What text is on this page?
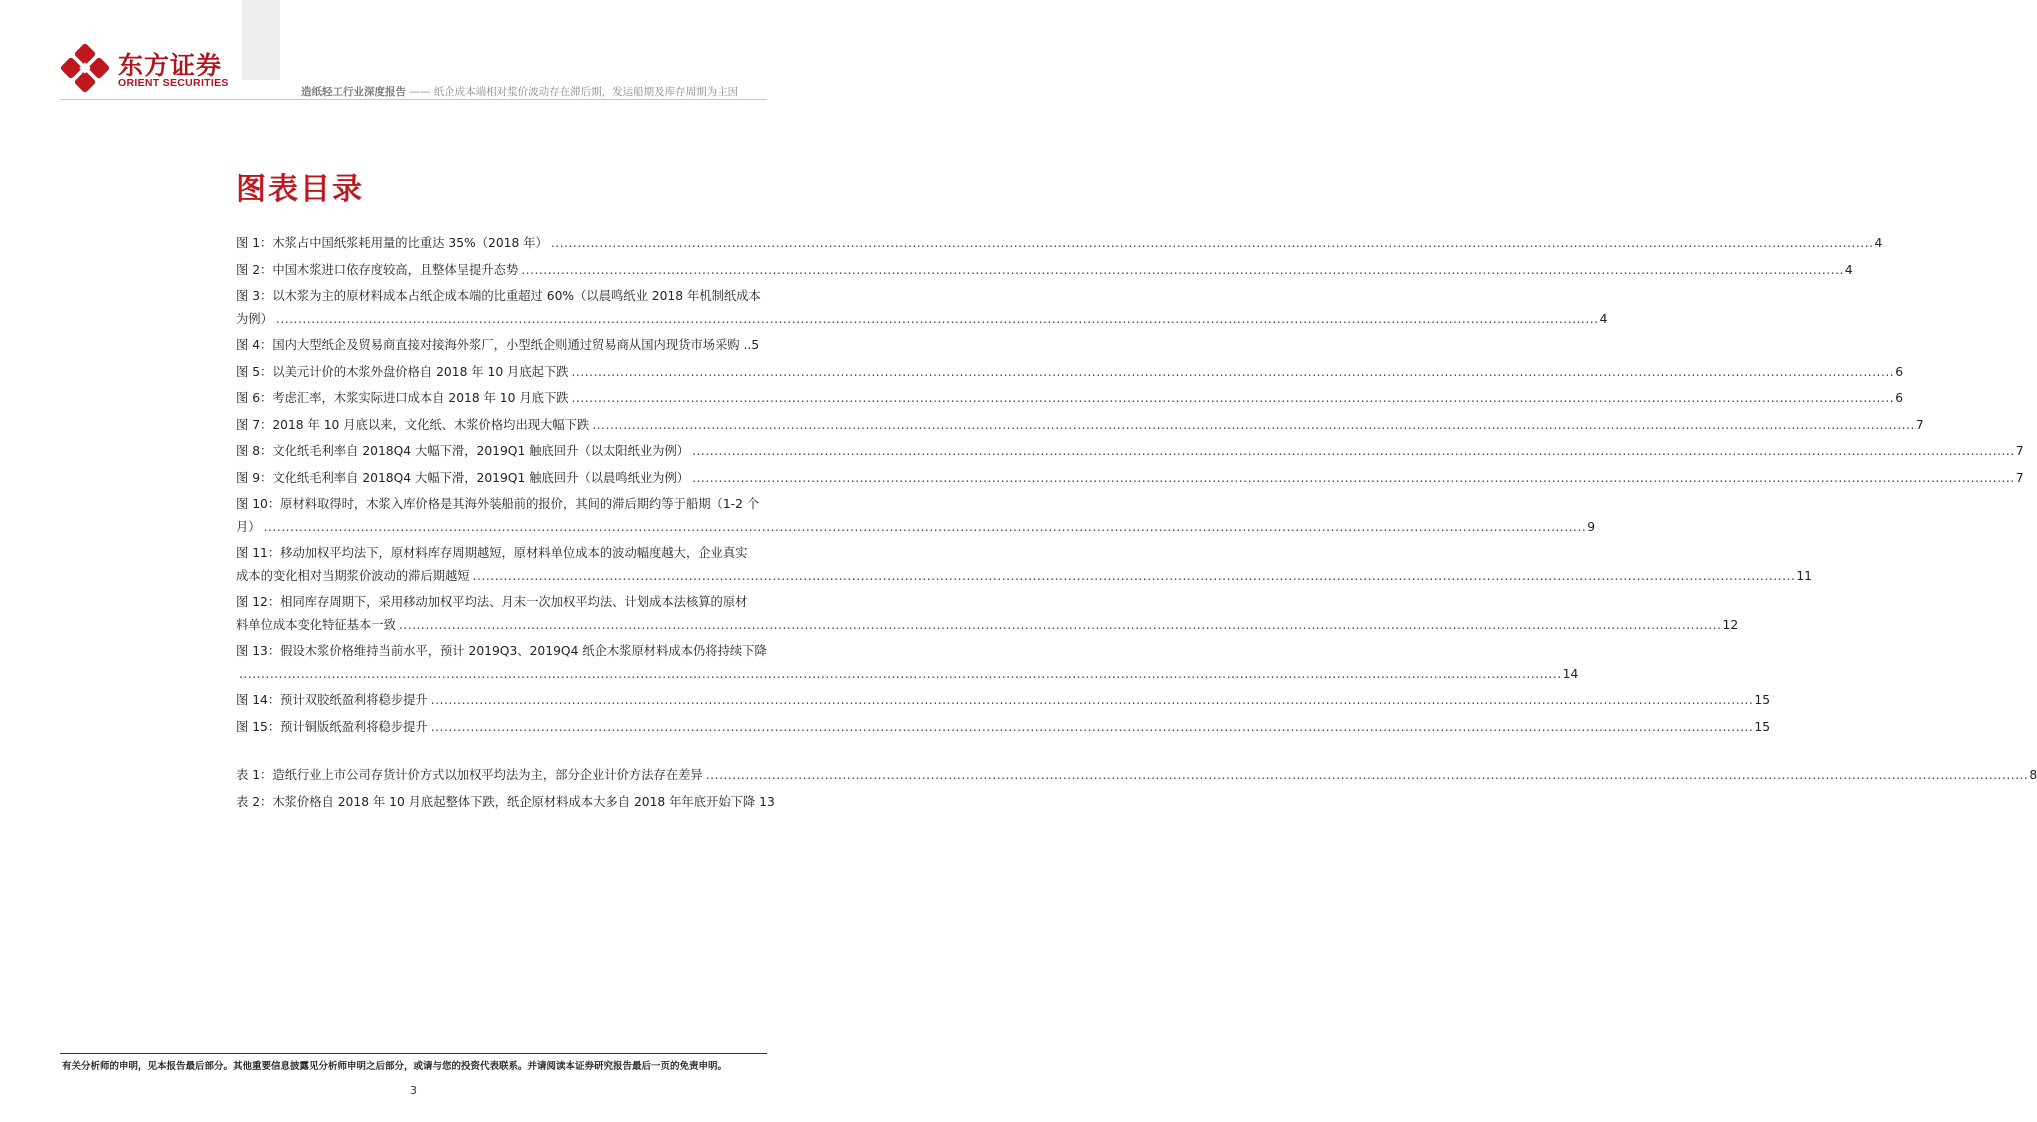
东方证券
ORIENT SECURITIES
造纸轻工行业深度报告 —— 纸企成本端相对浆价波动存在滞后期，发运船期及库存周期为主因
图表目录
图 1：木浆占中国纸浆耗用量的比重达 35%（2018 年） ............................................................................................................................................................................................................................................................................................................ 4
图 2：中国木浆进口依存度较高，且整体呈提升态势 ............................................................................................................................................................................................................................................................................................................ 4
图 3：以木浆为主的原材料成本占纸企成本端的比重超过 60%（以晨鸣纸业 2018 年机制纸成本
为例） ............................................................................................................................................................................................................................................................................................................ 4
图 4：国内大型纸企及贸易商直接对接海外浆厂，小型纸企则通过贸易商从国内现货市场采购 ..5
图 5：以美元计价的木浆外盘价格自 2018 年 10 月底起下跌 ............................................................................................................................................................................................................................................................................................................ 6
图 6：考虑汇率，木浆实际进口成本自 2018 年 10 月底下跌 ............................................................................................................................................................................................................................................................................................................ 6
图 7：2018 年 10 月底以来，文化纸、木浆价格均出现大幅下跌 ............................................................................................................................................................................................................................................................................................................ 7
图 8：文化纸毛利率自 2018Q4 大幅下滑，2019Q1 触底回升（以太阳纸业为例） ............................................................................................................................................................................................................................................................................................................ 7
图 9：文化纸毛利率自 2018Q4 大幅下滑，2019Q1 触底回升（以晨鸣纸业为例） ............................................................................................................................................................................................................................................................................................................ 7
图 10：原材料取得时，木浆入库价格是其海外装船前的报价，其间的滞后期约等于船期（1-2 个
月） ............................................................................................................................................................................................................................................................................................................ 9
图 11：移动加权平均法下，原材料库存周期越短，原材料单位成本的波动幅度越大，企业真实
成本的变化相对当期浆价波动的滞后期越短 ............................................................................................................................................................................................................................................................................................................ 11
图 12：相同库存周期下，采用移动加权平均法、月末一次加权平均法、计划成本法核算的原材
料单位成本变化特征基本一致 ............................................................................................................................................................................................................................................................................................................ 12
图 13：假设木浆价格维持当前水平，预计 2019Q3、2019Q4 纸企木浆原材料成本仍将持续下降
............................................................................................................................................................................................................................................................................................................ 14
图 14：预计双胶纸盈利将稳步提升 ............................................................................................................................................................................................................................................................................................................ 15
图 15：预计铜版纸盈利将稳步提升 ............................................................................................................................................................................................................................................................................................................ 15
表 1：造纸行业上市公司存货计价方式以加权平均法为主，部分企业计价方法存在差异 ............................................................................................................................................................................................................................................................................................................ 8
表 2：木浆价格自 2018 年 10 月底起整体下跌，纸企原材料成本大多自 2018 年年底开始下降 13
有关分析师的申明，见本报告最后部分。其他重要信息披露见分析师申明之后部分，或请与您的投资代表联系。并请阅读本证券研究报告最后一页的免责申明。
3
